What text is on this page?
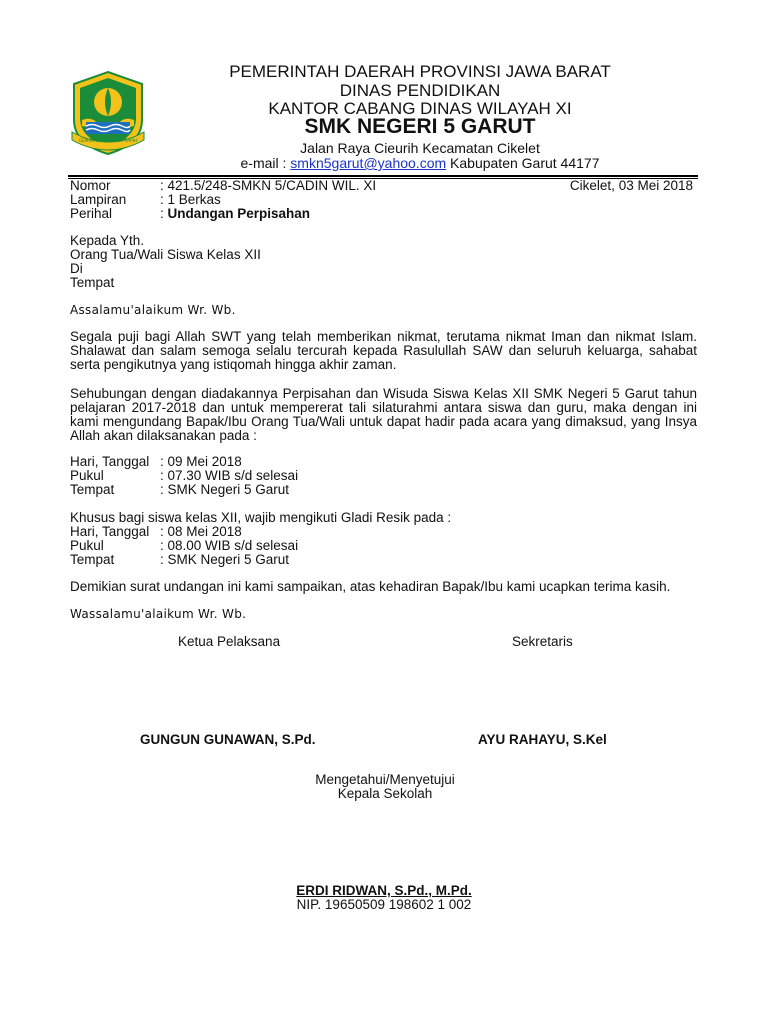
GEMAH RIPAH REPEH RAPIH
PEMERINTAH DAERAH PROVINSI JAWA BARAT
DINAS PENDIDIKAN
KANTOR CABANG DINAS WILAYAH XI
SMK NEGERI 5 GARUT
Jalan Raya Cieurih Kecamatan Cikelet
e-mail : smkn5garut@yahoo.com Kabupaten Garut 44177
Nomor	: 421.5/248-SMKN 5/CADIN WIL. XI	Cikelet, 03 Mei 2018
Lampiran : 1 Berkas
Perihal	: Undangan Perpisahan
Kepada Yth.
Orang Tua/Wali Siswa Kelas XII
Di
Tempat
Assalamu'alaikum Wr. Wb.
Segala puji bagi Allah SWT yang telah memberikan nikmat, terutama nikmat Iman dan nikmat Islam. Shalawat dan salam semoga selalu tercurah kepada Rasulullah SAW dan seluruh keluarga, sahabat serta pengikutnya yang istiqomah hingga akhir zaman.
Sehubungan dengan diadakannya Perpisahan dan Wisuda Siswa Kelas XII SMK Negeri 5 Garut tahun pelajaran 2017-2018 dan untuk mempererat tali silaturahmi antara siswa dan guru, maka dengan ini kami mengundang Bapak/Ibu Orang Tua/Wali untuk dapat hadir pada acara yang dimaksud, yang Insya Allah akan dilaksanakan pada :
Hari, Tanggal : 09 Mei 2018
Pukul	: 07.30 WIB s/d selesai
Tempat	: SMK Negeri 5 Garut
Khusus bagi siswa kelas XII, wajib mengikuti Gladi Resik pada :
Hari, Tanggal : 08 Mei 2018
Pukul	: 08.00 WIB s/d selesai
Tempat	: SMK Negeri 5 Garut
Demikian surat undangan ini kami sampaikan, atas kehadiran Bapak/Ibu kami ucapkan terima kasih.
Wassalamu'alaikum Wr. Wb.
Ketua Pelaksana	Sekretaris
GUNGUN GUNAWAN, S.Pd.	AYU RAHAYU, S.Kel
Mengetahui/Menyetujui
Kepala Sekolah
ERDI RIDWAN, S.Pd., M.Pd.
NIP. 19650509 198602 1 002
